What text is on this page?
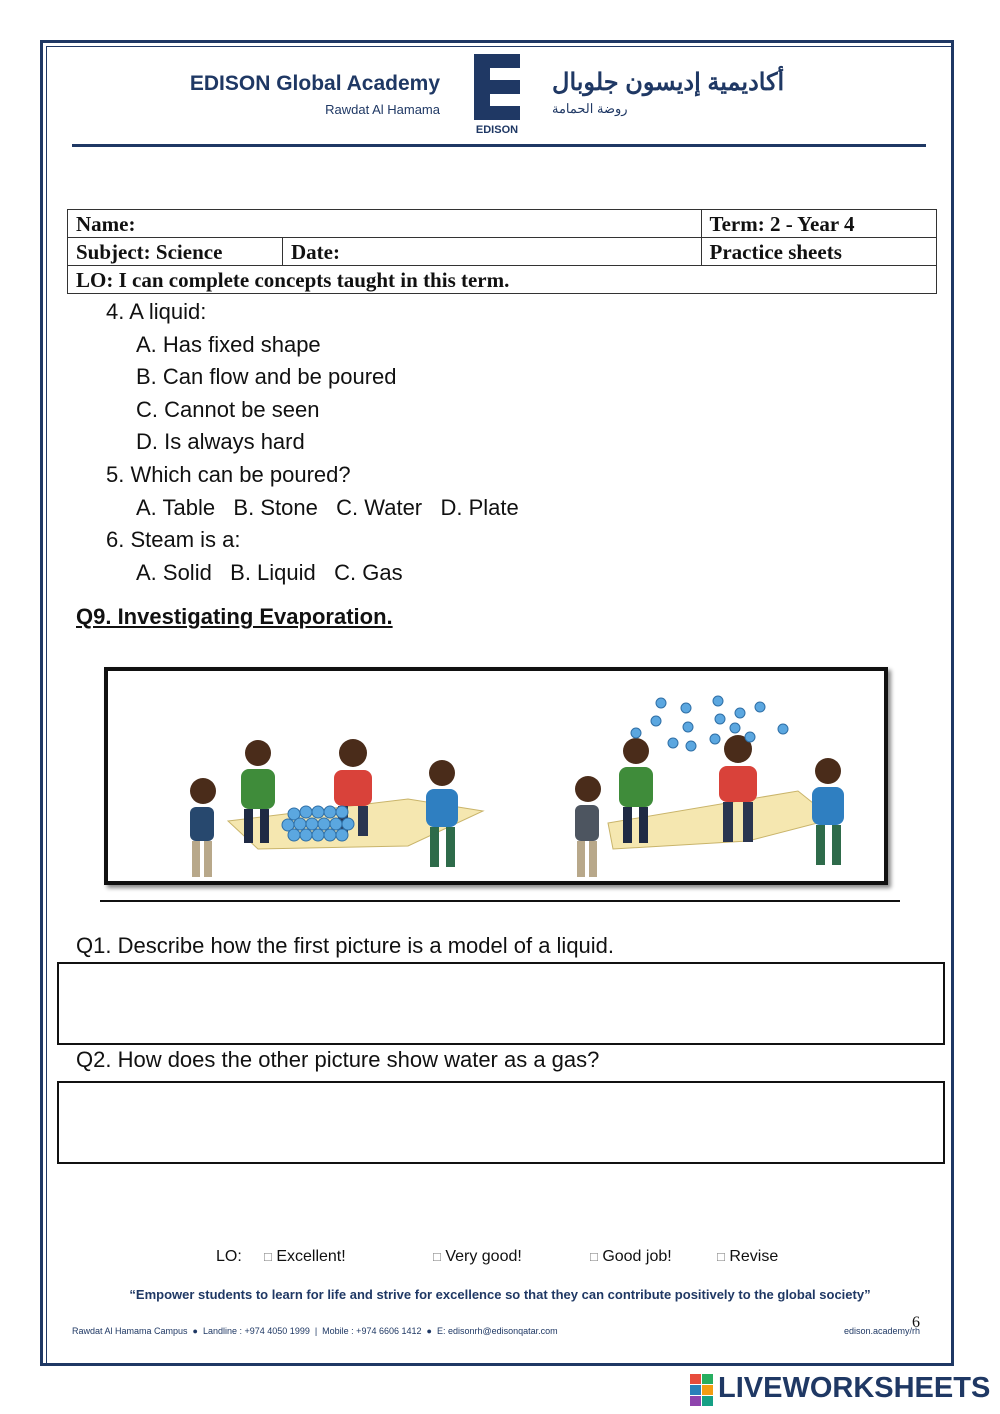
EDISON Global Academy
Rawdat Al Hamama
EDISON
أكاديمية إديسون جلوبال
روضة الحمامة
Name:		Term: 2 - Year 4
Subject: Science	Date:	Practice sheets
LO: I can complete concepts taught in this term.		
4. A liquid:
A. Has fixed shape
B. Can flow and be poured
C. Cannot be seen
D. Is always hard
5. Which can be poured?
A. Table   B. Stone   C. Water   D. Plate
6. Steam is a:
A. Solid   B. Liquid   C. Gas
Q9. Investigating Evaporation.
Q1. Describe how the first picture is a model of a liquid.
Q2. How does the other picture show water as a gas?
LO: □ Excellent!	□ Very good!	□ Good job!	□ Revise
“Empower students to learn for life and strive for excellence so that they can contribute positively to the global society”
Rawdat Al Hamama Campus  ●  Landline : +974 4050 1999  |  Mobile : +974 6606 1412  ●  E: edisonrh@edisonqatar.com	edison.academy/rh
6
LIVEWORKSHEETS
